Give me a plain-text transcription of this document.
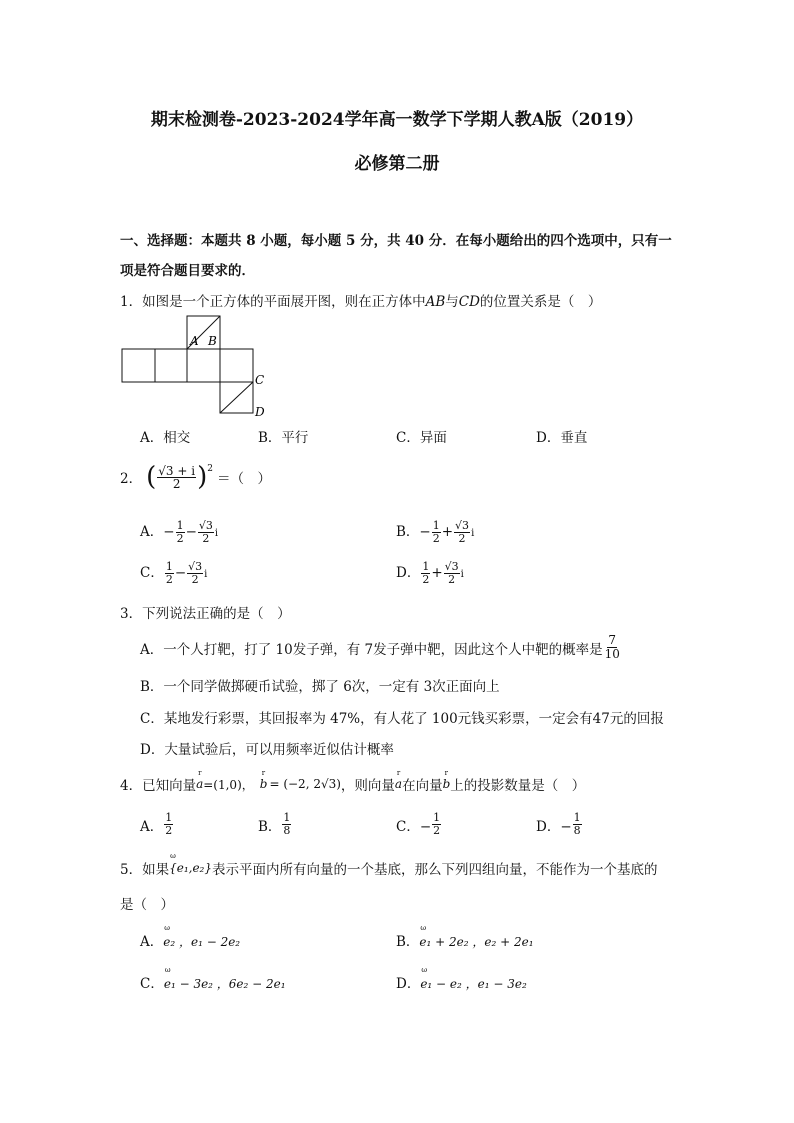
期末检测卷-2023-2024学年高一数学下学期人教A版（2019）
必修第二册
一、选择题：本题共 8 小题，每小题 5 分，共 40 分．在每小题给出的四个选项中，只有一
项是符合题目要求的．
1．如图是一个正方体的平面展开图，则在正方体中AB与CD的位置关系是（　）
A B
C
D
A．相交	B．平行	C．异面	D．垂直
2． ( $\frac{√3 + i}{2} )^2$
＝（　）
A．− $\frac{1}{2} - \frac{√3}{2}$ i	B．− $\frac{1}{2} + \frac{√3}{2}$ i
C． $\frac{1}{2} - \frac{√3}{2}$ i	D． $\frac{1}{2} + \frac{√3}{2}$ i
3．下列说法正确的是（　）
A．一个人打靶，打了 10发子弹，有 7发子弹中靶，因此这个人中靶的概率是 $\frac{7}{10}$
B．一个同学做掷硬币试验，掷了 6次，一定有 3次正面向上
C．某地发行彩票，其回报率为 47%，有人花了 100元钱买彩票，一定会有47元的回报
D．大量试验后，可以用频率近似估计概率
4． 已知向量 r a =(1,0)， r b = (−2, 2√3) ，则向量 r a 在向量 r b 上的投影数量是（　）
A． $\frac{1}{2}$	B． $\frac{1}{8}$	C．− $\frac{1}{2}$	D．− $\frac{1}{8}$
5． 如果 ω {e₁,e₂} 表示平面内所有向量的一个基底，那么下列四组向量，不能作为一个基底的
是（　）
A．ω e₂ ，e₁ − 2e₂	B．ω e₁ + 2e₂ ，e₂ + 2e₁
C．ω e₁ − 3e₂ ，6e₂ − 2e₁	D．ω e₁ − e₂ ，e₁ − 3e₂
